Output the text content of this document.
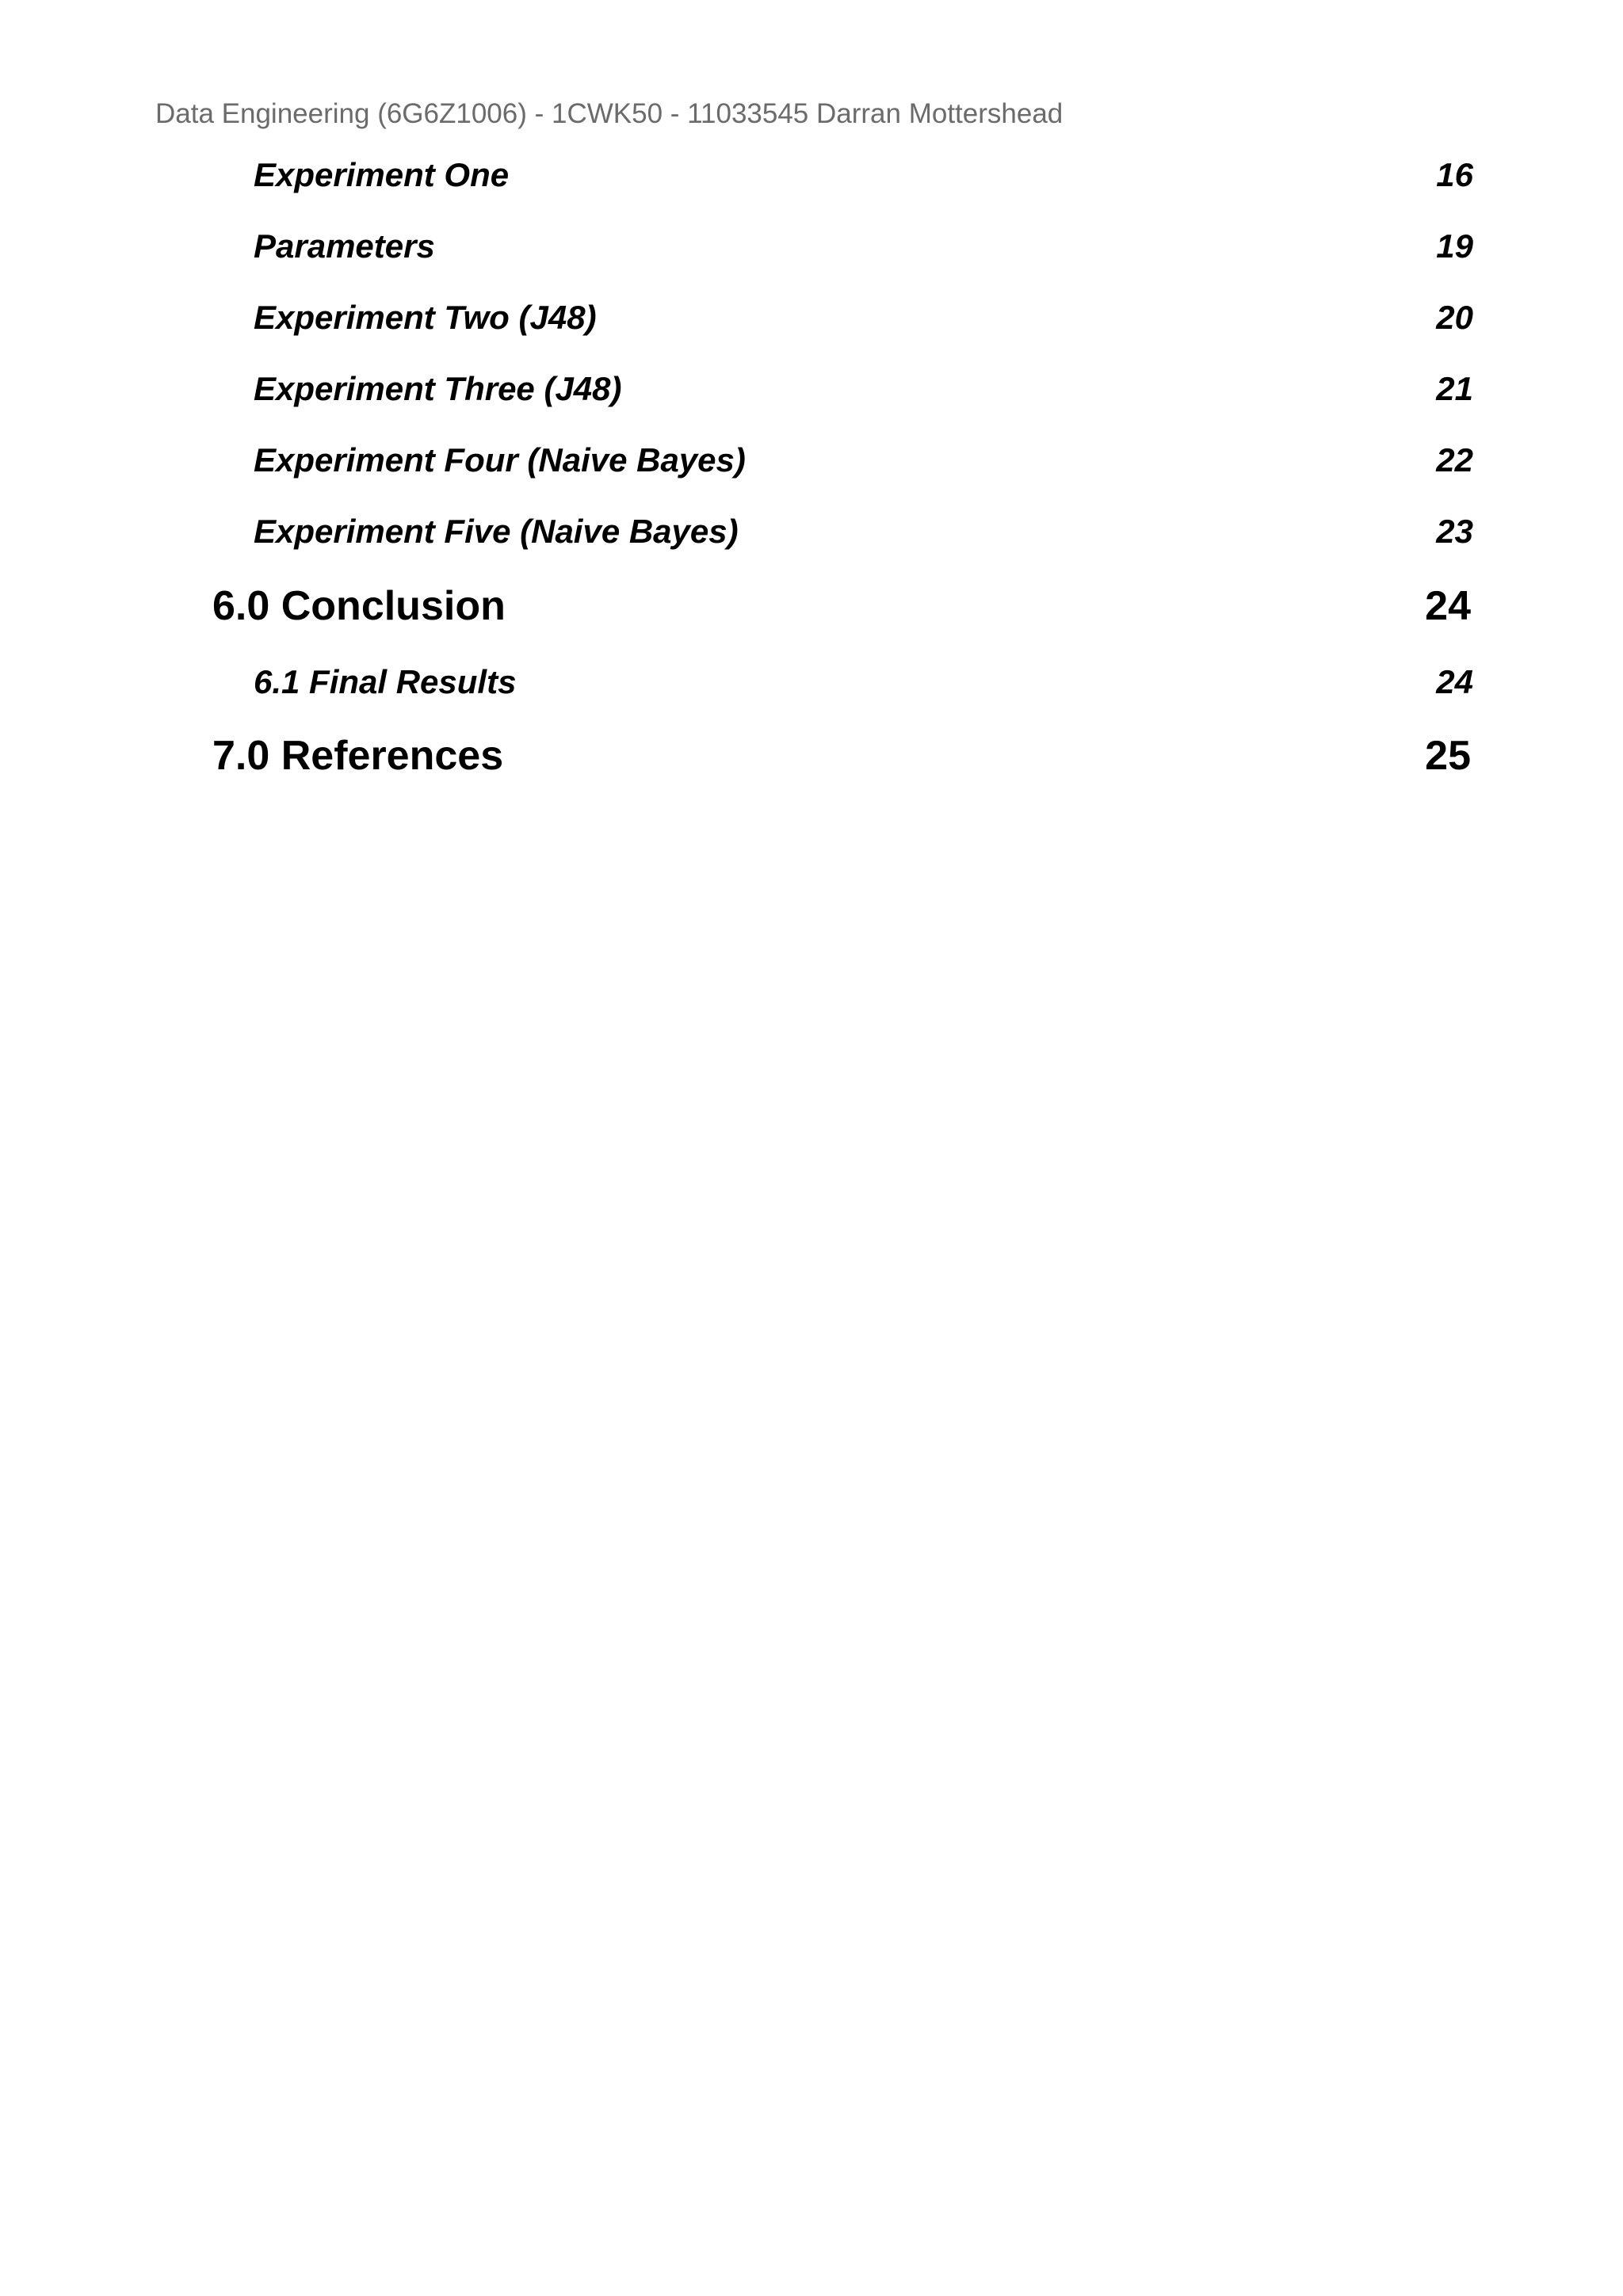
Data Engineering (6G6Z1006) - 1CWK50 - 11033545 Darran Mottershead
Experiment One	16
Parameters	19
Experiment Two (J48)	20
Experiment Three (J48)	21
Experiment Four (Naive Bayes)	22
Experiment Five (Naive Bayes)	23
6.0 Conclusion	24
6.1 Final Results	24
7.0 References	25
